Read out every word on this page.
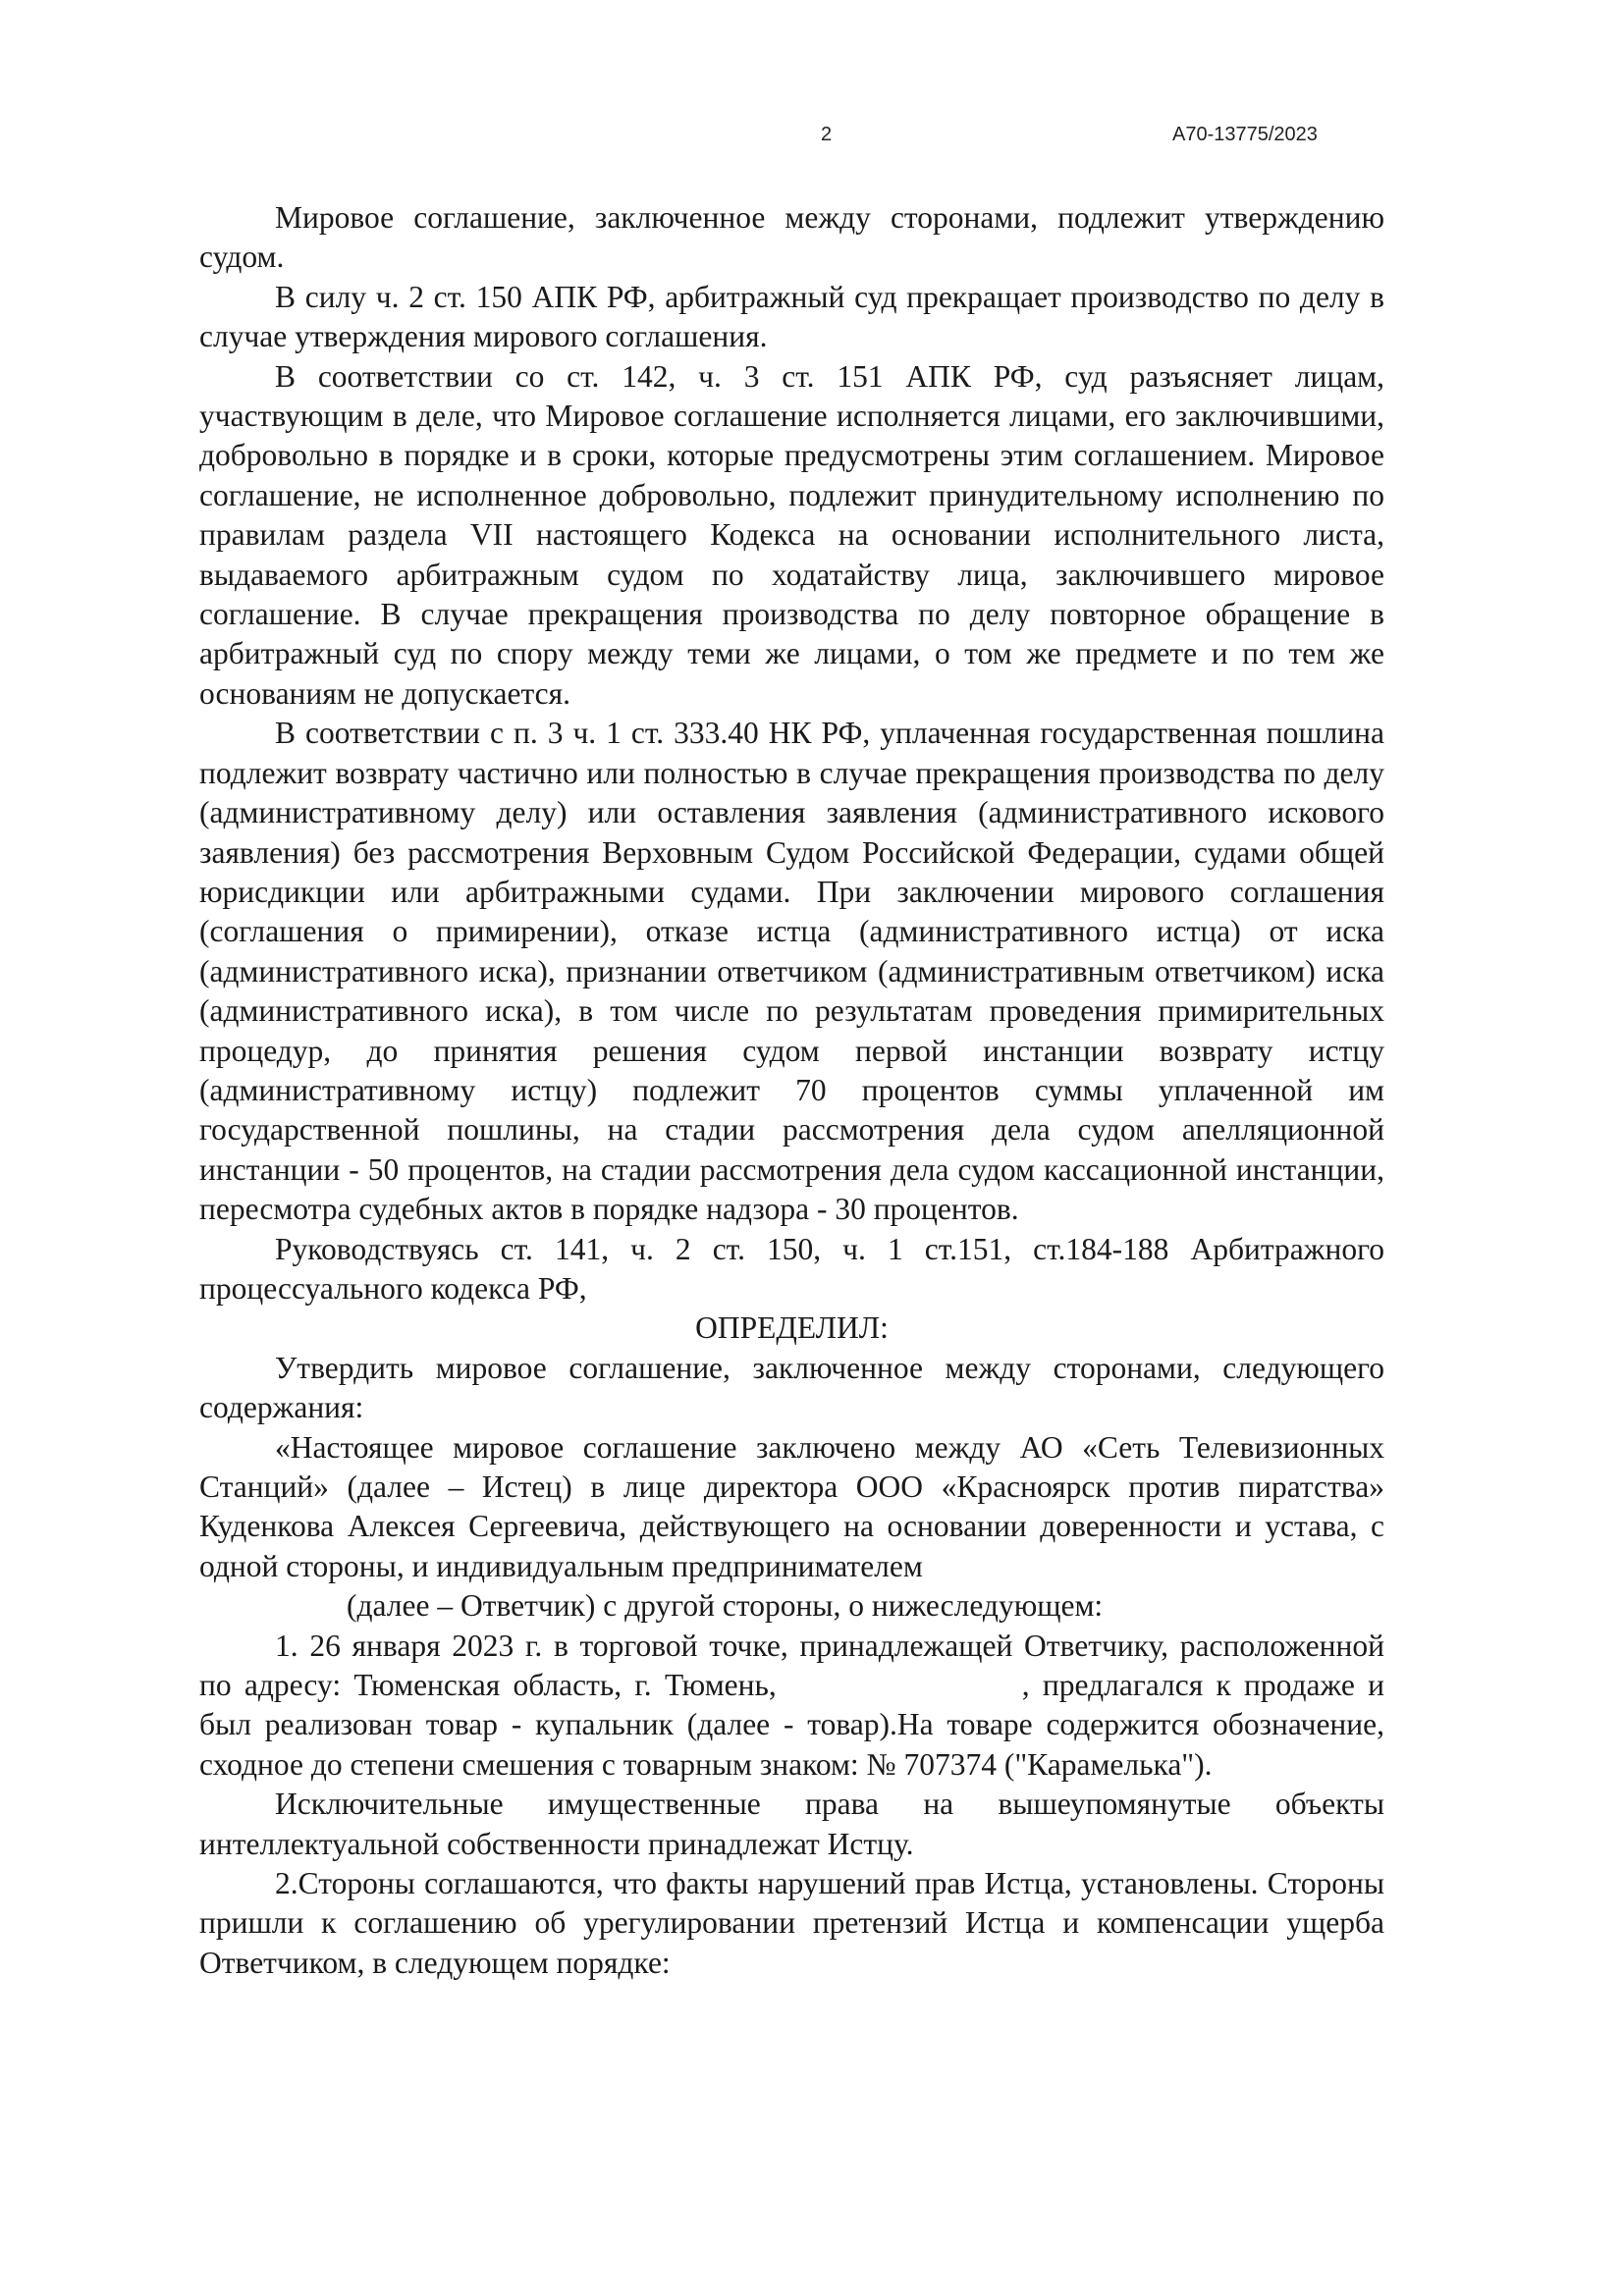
2	А70-13775/2023

Мировое соглашение, заключенное между сторонами, подлежит утверждению судом.

В силу ч. 2 ст. 150 АПК РФ, арбитражный суд прекращает производство по делу в случае утверждения мирового соглашения.

В соответствии со ст. 142, ч. 3 ст. 151 АПК РФ, суд разъясняет лицам, участвующим в деле, что Мировое соглашение исполняется лицами, его заключившими, добровольно в порядке и в сроки, которые предусмотрены этим соглашением. Мировое соглашение, не исполненное добровольно, подлежит принудительному исполнению по правилам раздела VII настоящего Кодекса на основании исполнительного листа, выдаваемого арбитражным судом по ходатайству лица, заключившего мировое соглашение. В случае прекращения производства по делу повторное обращение в арбитражный суд по спору между теми же лицами, о том же предмете и по тем же основаниям не допускается.

В соответствии с п. 3 ч. 1 ст. 333.40 НК РФ, уплаченная государственная пошлина подлежит возврату частично или полностью в случае прекращения производства по делу (административному делу) или оставления заявления (административного искового заявления) без рассмотрения Верховным Судом Российской Федерации, судами общей юрисдикции или арбитражными судами. При заключении мирового соглашения (соглашения о примирении), отказе истца (административного истца) от иска (административного иска), признании ответчиком (административным ответчиком) иска (административного иска), в том числе по результатам проведения примирительных процедур, до принятия решения судом первой инстанции возврату истцу (административному истцу) подлежит 70 процентов суммы уплаченной им государственной пошлины, на стадии рассмотрения дела судом апелляционной инстанции - 50 процентов, на стадии рассмотрения дела судом кассационной инстанции, пересмотра судебных актов в порядке надзора - 30 процентов.

Руководствуясь ст. 141, ч. 2 ст. 150, ч. 1 ст.151, ст.184-188 Арбитражного процессуального кодекса РФ,

ОПРЕДЕЛИЛ:

Утвердить мировое соглашение, заключенное между сторонами, следующего содержания:

«Настоящее мировое соглашение заключено между АО «Сеть Телевизионных Станций» (далее – Истец) в лице директора ООО «Красноярск против пиратства» Куденкова Алексея Сергеевича, действующего на основании доверенности и устава, с одной стороны, и индивидуальным предпринимателем
(далее – Ответчик) с другой стороны, о нижеследующем:

1. 26 января 2023 г. в торговой точке, принадлежащей Ответчику, расположенной по адресу: Тюменская область, г. Тюмень,	, предлагался к продаже и был реализован товар - купальник (далее - товар).На товаре содержится обозначение, сходное до степени смешения с товарным знаком: № 707374 ("Карамелька").

Исключительные имущественные права на вышеупомянутые объекты интеллектуальной собственности принадлежат Истцу.

2.Стороны соглашаются, что факты нарушений прав Истца, установлены. Стороны пришли к соглашению об урегулировании претензий Истца и компенсации ущерба Ответчиком, в следующем порядке:
